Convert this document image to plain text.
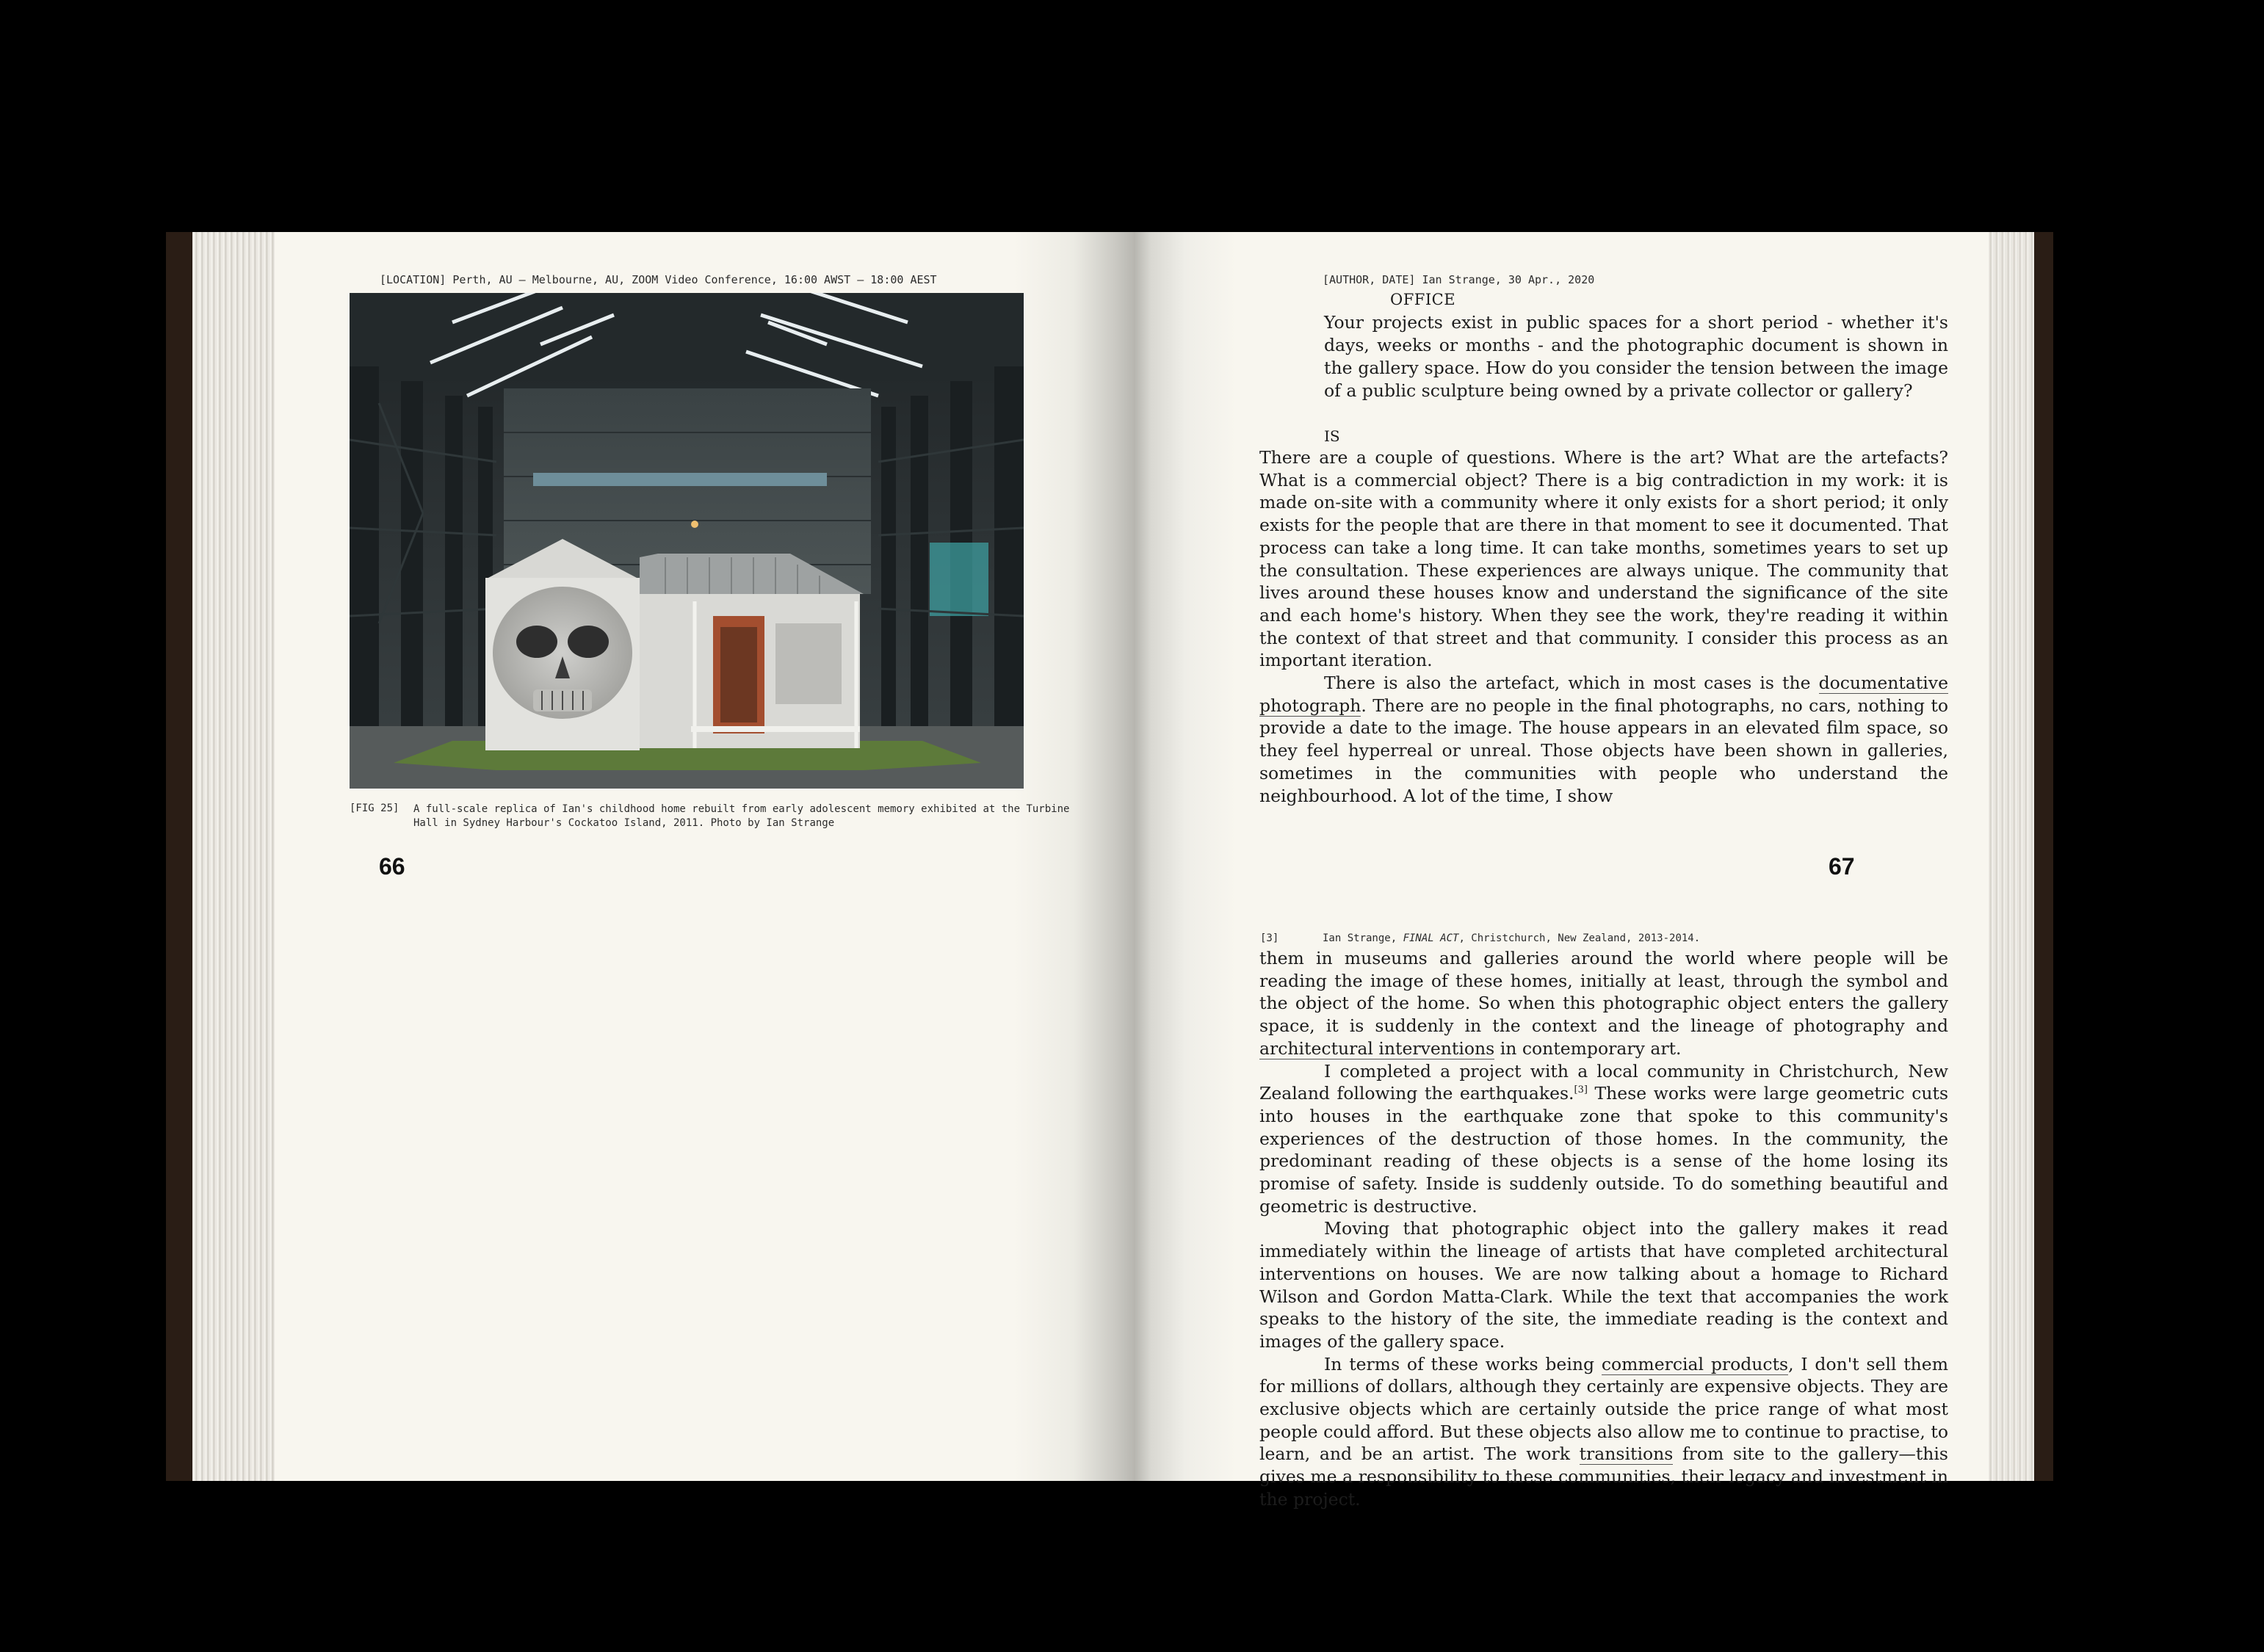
[LOCATION] Perth, AU — Melbourne, AU, ZOOM Video Conference, 16:00 AWST — 18:00 AEST
[FIG 25] A full-scale replica of Ian's childhood home rebuilt from early adolescent memory exhibited at the Turbine Hall in Sydney Harbour's Cockatoo Island, 2011. Photo by Ian Strange
66
[AUTHOR, DATE] Ian Strange, 30 Apr., 2020
OFFICE
Your projects exist in public spaces for a short period - whether it's days, weeks or months - and the photographic document is shown in the gallery space. How do you consider the tension between the image of a public sculpture being owned by a private collector or gallery?
IS

There are a couple of questions. Where is the art? What are the artefacts? What is a commercial object? There is a big contradiction in my work: it is made on-site with a community where it only exists for a short period; it only exists for the people that are there in that moment to see it documented. That process can take a long time. It can take months, sometimes years to set up the consultation. These experiences are always unique. The community that lives around these houses know and understand the significance of the site and each home's history. When they see the work, they're reading it within the context of that street and that community. I consider this process as an important iteration.

There is also the artefact, which in most cases is the documentative photograph. There are no people in the final photographs, no cars, nothing to provide a date to the image. The house appears in an elevated film space, so they feel hyperreal or unreal. Those objects have been shown in galleries, sometimes in the communities with people who understand the neighbourhood. A lot of the time, I show

67
[3]	Ian Strange, FINAL ACT, Christchurch, New Zealand, 2013-2014.

them in museums and galleries around the world where people will be reading the image of these homes, initially at least, through the symbol and the object of the home. So when this photographic object enters the gallery space, it is suddenly in the context and the lineage of photography and architectural interventions in contemporary art.

I completed a project with a local community in Christchurch, New Zealand following the earthquakes.[3] These works were large geometric cuts into houses in the earthquake zone that spoke to this community's experiences of the destruction of those homes. In the community, the predominant reading of these objects is a sense of the home losing its promise of safety. Inside is suddenly outside. To do something beautiful and geometric is destructive.

Moving that photographic object into the gallery makes it read immediately within the lineage of artists that have completed architectural interventions on houses. We are now talking about a homage to Richard Wilson and Gordon Matta-Clark. While the text that accompanies the work speaks to the history of the site, the immediate reading is the context and images of the gallery space.

In terms of these works being commercial products, I don't sell them for millions of dollars, although they certainly are expensive objects. They are exclusive objects which are certainly outside the price range of what most people could afford. But these objects also allow me to continue to practise, to learn, and be an artist. The work transitions from site to the gallery—this gives me a responsibility to these communities, their legacy and investment in the project.
